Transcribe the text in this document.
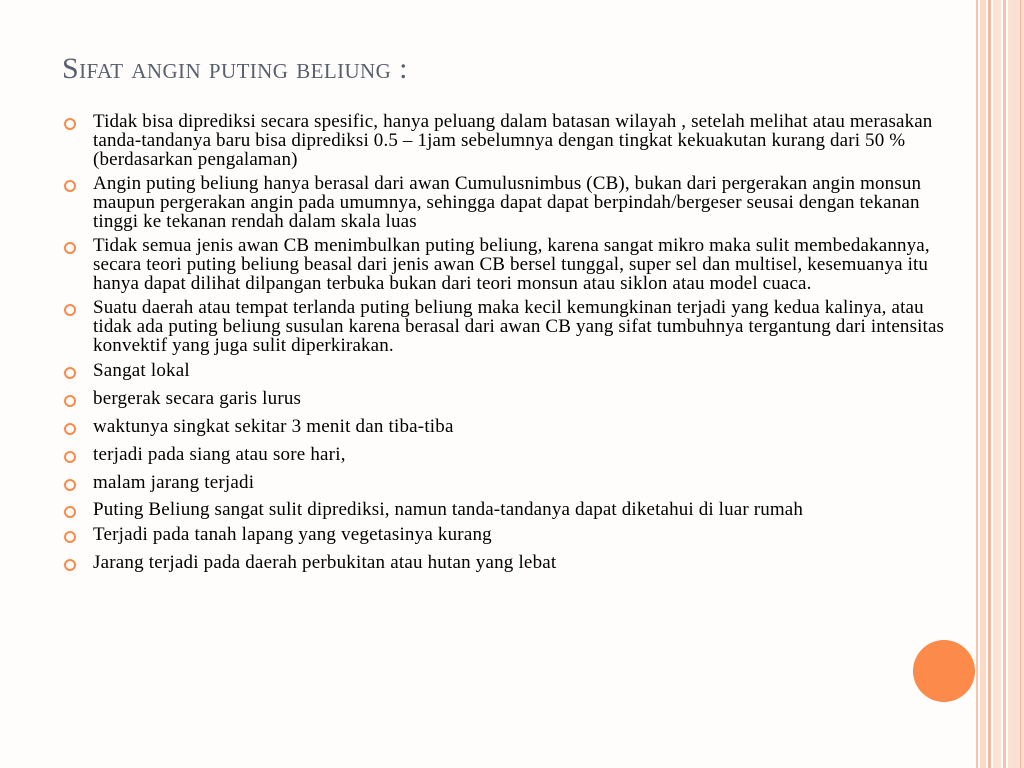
Sifat angin puting beliung :
Tidak bisa diprediksi secara spesific, hanya peluang dalam batasan wilayah , setelah melihat atau merasakan tanda-tandanya baru bisa diprediksi 0.5 – 1jam sebelumnya dengan tingkat kekuakutan kurang dari 50 % (berdasarkan pengalaman)
Angin puting beliung hanya berasal dari awan Cumulusnimbus (CB), bukan dari pergerakan angin monsun maupun pergerakan angin pada umumnya, sehingga dapat dapat berpindah/bergeser seusai dengan tekanan tinggi ke tekanan rendah dalam skala luas
Tidak semua jenis awan CB menimbulkan puting beliung, karena sangat mikro maka sulit membedakannya, secara teori puting beliung beasal dari jenis awan CB bersel tunggal, super sel dan multisel, kesemuanya itu hanya dapat dilihat dilpangan terbuka bukan dari teori monsun atau siklon atau model cuaca.
Suatu daerah atau tempat terlanda puting beliung maka kecil kemungkinan terjadi yang kedua kalinya, atau tidak ada puting beliung susulan karena berasal dari awan CB yang sifat tumbuhnya tergantung dari intensitas konvektif yang juga sulit diperkirakan.
Sangat lokal
bergerak secara garis lurus
waktunya singkat sekitar 3 menit dan tiba-tiba
terjadi pada siang atau sore hari,
malam jarang terjadi
Puting Beliung sangat sulit diprediksi, namun tanda-tandanya dapat diketahui di luar rumah
Terjadi pada tanah lapang yang vegetasinya kurang
Jarang terjadi pada daerah perbukitan atau hutan yang lebat
